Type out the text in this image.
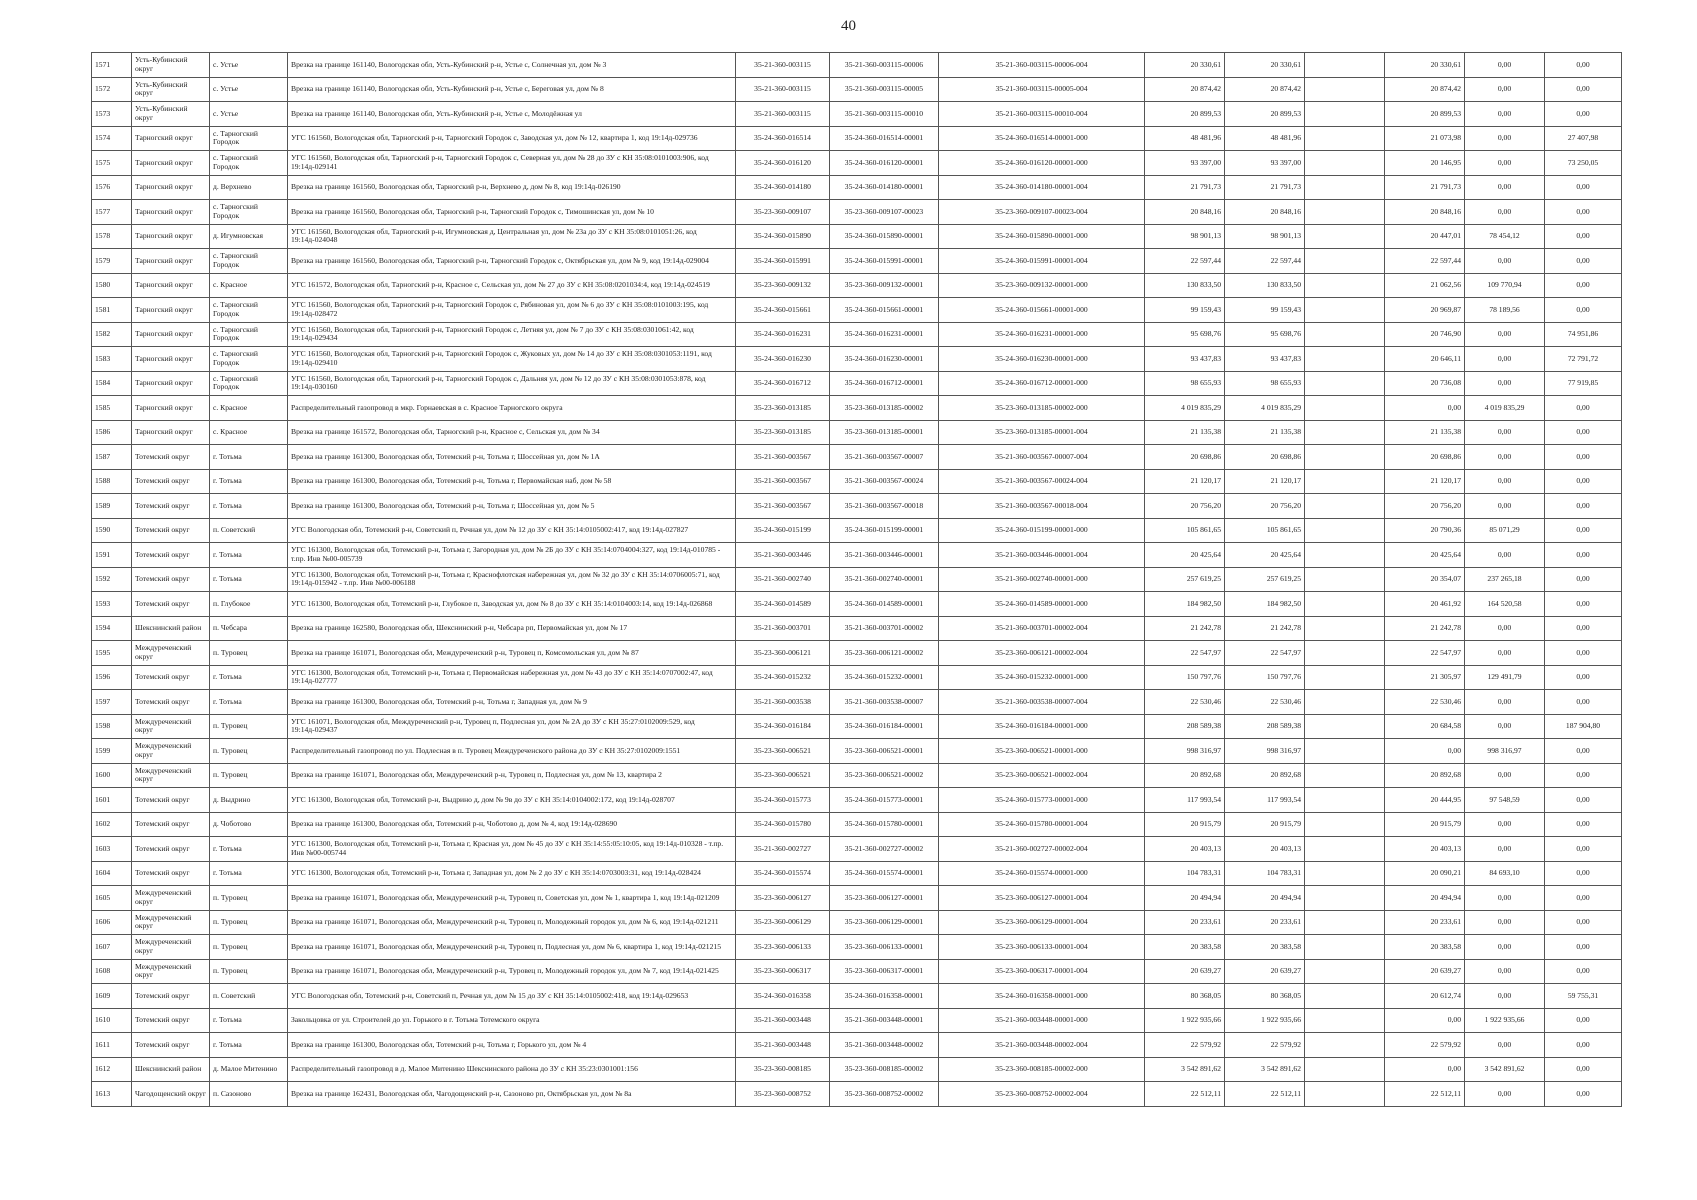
40
1571	Усть-Кубинский округ	с. Устье	Врезка на границе 161140, Вологодская обл, Усть-Кубинский р-н, Устье с, Солнечная ул, дом № 3	35-21-360-003115	35-21-360-003115-00006	35-21-360-003115-00006-004	20 330,61	20 330,61		20 330,61	0,00	0,00
1572	Усть-Кубинский округ	с. Устье	Врезка на границе 161140, Вологодская обл, Усть-Кубинский р-н, Устье с, Береговая ул, дом № 8	35-21-360-003115	35-21-360-003115-00005	35-21-360-003115-00005-004	20 874,42	20 874,42		20 874,42	0,00	0,00
1573	Усть-Кубинский округ	с. Устье	Врезка на границе 161140, Вологодская обл, Усть-Кубинский р-н, Устье с, Молодёжная ул	35-21-360-003115	35-21-360-003115-00010	35-21-360-003115-00010-004	20 899,53	20 899,53		20 899,53	0,00	0,00
1574	Тарногский округ	с. Тарногский Городок	УГС 161560, Вологодская обл, Тарногский р-н, Тарногский Городок с, Заводская ул, дом № 12, квартира 1, код 19:14д-029736	35-24-360-016514	35-24-360-016514-00001	35-24-360-016514-00001-000	48 481,96	48 481,96		21 073,98	0,00	27 407,98
1575	Тарногский округ	с. Тарногский Городок	УГС 161560, Вологодская обл, Тарногский р-н, Тарногский Городок с, Северная ул, дом № 28 до ЗУ с КН 35:08:0101003:906, код 19:14д-029141	35-24-360-016120	35-24-360-016120-00001	35-24-360-016120-00001-000	93 397,00	93 397,00		20 146,95	0,00	73 250,05
1576	Тарногский округ	д. Верхнево	Врезка на границе 161560, Вологодская обл, Тарногский р-н, Верхнево д, дом № 8, код 19:14д-026190	35-24-360-014180	35-24-360-014180-00001	35-24-360-014180-00001-004	21 791,73	21 791,73		21 791,73	0,00	0,00
1577	Тарногский округ	с. Тарногский Городок	Врезка на границе 161560, Вологодская обл, Тарногский р-н, Тарногский Городок с, Тимошинская ул, дом № 10	35-23-360-009107	35-23-360-009107-00023	35-23-360-009107-00023-004	20 848,16	20 848,16		20 848,16	0,00	0,00
1578	Тарногский округ	д. Игумновская	УГС 161560, Вологодская обл, Тарногский р-н, Игумновская д, Центральная ул, дом № 23а до ЗУ с КН 35:08:0101051:26, код 19:14д-024048	35-24-360-015890	35-24-360-015890-00001	35-24-360-015890-00001-000	98 901,13	98 901,13		20 447,01	78 454,12	0,00
1579	Тарногский округ	с. Тарногский Городок	Врезка на границе 161560, Вологодская обл, Тарногский р-н, Тарногский Городок с, Октябрьская ул, дом № 9, код 19:14д-029004	35-24-360-015991	35-24-360-015991-00001	35-24-360-015991-00001-004	22 597,44	22 597,44		22 597,44	0,00	0,00
1580	Тарногский округ	с. Красное	УГС 161572, Вологодская обл, Тарногский р-н, Красное с, Сельская ул, дом № 27 до ЗУ с КН 35:08:0201034:4, код 19:14д-024519	35-23-360-009132	35-23-360-009132-00001	35-23-360-009132-00001-000	130 833,50	130 833,50		21 062,56	109 770,94	0,00
1581	Тарногский округ	с. Тарногский Городок	УГС 161560, Вологодская обл, Тарногский р-н, Тарногский Городок с, Рябиновая ул, дом № 6 до ЗУ с КН 35:08:0101003:195, код 19:14д-028472	35-24-360-015661	35-24-360-015661-00001	35-24-360-015661-00001-000	99 159,43	99 159,43		20 969,87	78 189,56	0,00
1582	Тарногский округ	с. Тарногский Городок	УГС 161560, Вологодская обл, Тарногский р-н, Тарногский Городок с, Летняя ул, дом № 7 до ЗУ с КН 35:08:0301061:42, код 19:14д-029434	35-24-360-016231	35-24-360-016231-00001	35-24-360-016231-00001-000	95 698,76	95 698,76		20 746,90	0,00	74 951,86
1583	Тарногский округ	с. Тарногский Городок	УГС 161560, Вологодская обл, Тарногский р-н, Тарногский Городок с, Жуковых ул, дом № 14 до ЗУ с КН 35:08:0301053:1191, код 19:14д-029410	35-24-360-016230	35-24-360-016230-00001	35-24-360-016230-00001-000	93 437,83	93 437,83		20 646,11	0,00	72 791,72
1584	Тарногский округ	с. Тарногский Городок	УГС 161560, Вологодская обл, Тарногский р-н, Тарногский Городок с, Дальняя ул, дом № 12 до ЗУ с КН 35:08:0301053:878, код 19:14д-030160	35-24-360-016712	35-24-360-016712-00001	35-24-360-016712-00001-000	98 655,93	98 655,93		20 736,08	0,00	77 919,85
1585	Тарногский округ	с. Красное	Распределительный газопровод в мкр. Горнаевская в с. Красное Тарногского округа	35-23-360-013185	35-23-360-013185-00002	35-23-360-013185-00002-000	4 019 835,29	4 019 835,29		0,00	4 019 835,29	0,00
1586	Тарногский округ	с. Красное	Врезка на границе 161572, Вологодская обл, Тарногский р-н, Красное с, Сельская ул, дом № 34	35-23-360-013185	35-23-360-013185-00001	35-23-360-013185-00001-004	21 135,38	21 135,38		21 135,38	0,00	0,00
1587	Тотемский округ	г. Тотьма	Врезка на границе 161300, Вологодская обл, Тотемский р-н, Тотьма г, Шоссейная ул, дом № 1А	35-21-360-003567	35-21-360-003567-00007	35-21-360-003567-00007-004	20 698,86	20 698,86		20 698,86	0,00	0,00
1588	Тотемский округ	г. Тотьма	Врезка на границе 161300, Вологодская обл, Тотемский р-н, Тотьма г, Первомайская наб, дом № 58	35-21-360-003567	35-21-360-003567-00024	35-21-360-003567-00024-004	21 120,17	21 120,17		21 120,17	0,00	0,00
1589	Тотемский округ	г. Тотьма	Врезка на границе 161300, Вологодская обл, Тотемский р-н, Тотьма г, Шоссейная ул, дом № 5	35-21-360-003567	35-21-360-003567-00018	35-21-360-003567-00018-004	20 756,20	20 756,20		20 756,20	0,00	0,00
1590	Тотемский округ	п. Советский	УГС Вологодская обл, Тотемский р-н, Советский п, Речная ул, дом № 12 до ЗУ с КН 35:14:0105002:417, код 19:14д-027827	35-24-360-015199	35-24-360-015199-00001	35-24-360-015199-00001-000	105 861,65	105 861,65		20 790,36	85 071,29	0,00
1591	Тотемский округ	г. Тотьма	УГС 161300, Вологодская обл, Тотемский р-н, Тотьма г, Загородная ул, дом № 2Б до ЗУ с КН 35:14:0704004:327, код 19:14д-010785 - т.пр. Инв №00-005739	35-21-360-003446	35-21-360-003446-00001	35-21-360-003446-00001-004	20 425,64	20 425,64		20 425,64	0,00	0,00
1592	Тотемский округ	г. Тотьма	УГС 161300, Вологодская обл, Тотемский р-н, Тотьма г, Краснофлотская набережная ул, дом № 32 до ЗУ с КН 35:14:0706005:71, код 19:14д-015942 - т.пр. Инв №00-006188	35-21-360-002740	35-21-360-002740-00001	35-21-360-002740-00001-000	257 619,25	257 619,25		20 354,07	237 265,18	0,00
1593	Тотемский округ	п. Глубокое	УГС 161300, Вологодская обл, Тотемский р-н, Глубокое п, Заводская ул, дом № 8 до ЗУ с КН 35:14:0104003:14, код 19:14д-026868	35-24-360-014589	35-24-360-014589-00001	35-24-360-014589-00001-000	184 982,50	184 982,50		20 461,92	164 520,58	0,00
1594	Шекснинский район	п. Чебсара	Врезка на границе 162580, Вологодская обл, Шекснинский р-н, Чебсара рп, Первомайская ул, дом № 17	35-21-360-003701	35-21-360-003701-00002	35-21-360-003701-00002-004	21 242,78	21 242,78		21 242,78	0,00	0,00
1595	Междуреченский округ	п. Туровец	Врезка на границе 161071, Вологодская обл, Междуреченский р-н, Туровец п, Комсомольская ул, дом № 87	35-23-360-006121	35-23-360-006121-00002	35-23-360-006121-00002-004	22 547,97	22 547,97		22 547,97	0,00	0,00
1596	Тотемский округ	г. Тотьма	УГС 161300, Вологодская обл, Тотемский р-н, Тотьма г, Первомайская набережная ул, дом № 43 до ЗУ с КН 35:14:0707002:47, код 19:14д-027777	35-24-360-015232	35-24-360-015232-00001	35-24-360-015232-00001-000	150 797,76	150 797,76		21 305,97	129 491,79	0,00
1597	Тотемский округ	г. Тотьма	Врезка на границе 161300, Вологодская обл, Тотемский р-н, Тотьма г, Западная ул, дом № 9	35-21-360-003538	35-21-360-003538-00007	35-21-360-003538-00007-004	22 530,46	22 530,46		22 530,46	0,00	0,00
1598	Междуреченский округ	п. Туровец	УГС 161071, Вологодская обл, Междуреченский р-н, Туровец п, Подлесная ул, дом № 2А до ЗУ с КН 35:27:0102009:529, код 19:14д-029437	35-24-360-016184	35-24-360-016184-00001	35-24-360-016184-00001-000	208 589,38	208 589,38		20 684,58	0,00	187 904,80
1599	Междуреченский округ	п. Туровец	Распределительный газопровод по ул. Подлесная в п. Туровец Междуреченского района до ЗУ с КН 35:27:0102009:1551	35-23-360-006521	35-23-360-006521-00001	35-23-360-006521-00001-000	998 316,97	998 316,97		0,00	998 316,97	0,00
1600	Междуреченский округ	п. Туровец	Врезка на границе 161071, Вологодская обл, Междуреченский р-н, Туровец п, Подлесная ул, дом № 13, квартира 2	35-23-360-006521	35-23-360-006521-00002	35-23-360-006521-00002-004	20 892,68	20 892,68		20 892,68	0,00	0,00
1601	Тотемский округ	д. Выдрино	УГС 161300, Вологодская обл, Тотемский р-н, Выдрино д, дом № 9в до ЗУ с КН 35:14:0104002:172, код 19:14д-028707	35-24-360-015773	35-24-360-015773-00001	35-24-360-015773-00001-000	117 993,54	117 993,54		20 444,95	97 548,59	0,00
1602	Тотемский округ	д. Чоботово	Врезка на границе 161300, Вологодская обл, Тотемский р-н, Чоботово д, дом № 4, код 19:14д-028690	35-24-360-015780	35-24-360-015780-00001	35-24-360-015780-00001-004	20 915,79	20 915,79		20 915,79	0,00	0,00
1603	Тотемский округ	г. Тотьма	УГС 161300, Вологодская обл, Тотемский р-н, Тотьма г, Красная ул, дом № 45 до ЗУ с КН 35:14:55:05:10:05, код 19:14д-010328 - т.пр. Инв №00-005744	35-21-360-002727	35-21-360-002727-00002	35-21-360-002727-00002-004	20 403,13	20 403,13		20 403,13	0,00	0,00
1604	Тотемский округ	г. Тотьма	УГС 161300, Вологодская обл, Тотемский р-н, Тотьма г, Западная ул, дом № 2 до ЗУ с КН 35:14:0703003:31, код 19:14д-028424	35-24-360-015574	35-24-360-015574-00001	35-24-360-015574-00001-000	104 783,31	104 783,31		20 090,21	84 693,10	0,00
1605	Междуреченский округ	п. Туровец	Врезка на границе 161071, Вологодская обл, Междуреченский р-н, Туровец п, Советская ул, дом № 1, квартира 1, код 19:14д-021209	35-23-360-006127	35-23-360-006127-00001	35-23-360-006127-00001-004	20 494,94	20 494,94		20 494,94	0,00	0,00
1606	Междуреченский округ	п. Туровец	Врезка на границе 161071, Вологодская обл, Междуреченский р-н, Туровец п, Молодежный городок ул, дом № 6, код 19:14д-021211	35-23-360-006129	35-23-360-006129-00001	35-23-360-006129-00001-004	20 233,61	20 233,61		20 233,61	0,00	0,00
1607	Междуреченский округ	п. Туровец	Врезка на границе 161071, Вологодская обл, Междуреченский р-н, Туровец п, Подлесная ул, дом № 6, квартира 1, код 19:14д-021215	35-23-360-006133	35-23-360-006133-00001	35-23-360-006133-00001-004	20 383,58	20 383,58		20 383,58	0,00	0,00
1608	Междуреченский округ	п. Туровец	Врезка на границе 161071, Вологодская обл, Междуреченский р-н, Туровец п, Молодежный городок ул, дом № 7, код 19:14д-021425	35-23-360-006317	35-23-360-006317-00001	35-23-360-006317-00001-004	20 639,27	20 639,27		20 639,27	0,00	0,00
1609	Тотемский округ	п. Советский	УГС Вологодская обл, Тотемский р-н, Советский п, Речная ул, дом № 15 до ЗУ с КН 35:14:0105002:418, код 19:14д-029653	35-24-360-016358	35-24-360-016358-00001	35-24-360-016358-00001-000	80 368,05	80 368,05		20 612,74	0,00	59 755,31
1610	Тотемский округ	г. Тотьма	Закольцовка от ул. Строителей до ул. Горького в г. Тотьма Тотемского округа	35-21-360-003448	35-21-360-003448-00001	35-21-360-003448-00001-000	1 922 935,66	1 922 935,66		0,00	1 922 935,66	0,00
1611	Тотемский округ	г. Тотьма	Врезка на границе 161300, Вологодская обл, Тотемский р-н, Тотьма г, Горького ул, дом № 4	35-21-360-003448	35-21-360-003448-00002	35-21-360-003448-00002-004	22 579,92	22 579,92		22 579,92	0,00	0,00
1612	Шекснинский район	д. Малое Митенино	Распределительный газопровод в д. Малое Митенино Шекснинского района до ЗУ с КН 35:23:0301001:156	35-23-360-008185	35-23-360-008185-00002	35-23-360-008185-00002-000	3 542 891,62	3 542 891,62		0,00	3 542 891,62	0,00
1613	Чагодощенский округ	п. Сазоново	Врезка на границе 162431, Вологодская обл, Чагодощенский р-н, Сазоново рп, Октябрьская ул, дом № 8а	35-23-360-008752	35-23-360-008752-00002	35-23-360-008752-00002-004	22 512,11	22 512,11		22 512,11	0,00	0,00
